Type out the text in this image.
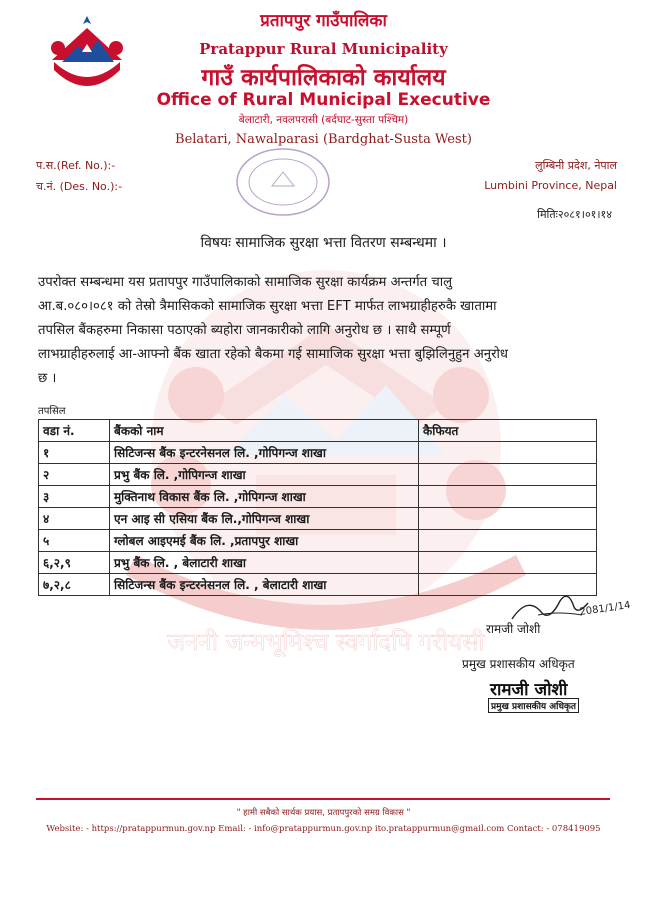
जननी जन्मभूमिश्च स्वर्गादपि गरीयसी
प्रतापपुर गाउँपालिका
Pratappur Rural Municipality
गाउँ कार्यपालिकाको कार्यालय
Office of Rural Municipal Executive
बेलाटारी, नवलपरासी (बर्दघाट-सुस्ता पश्चिम)
Belatari, Nawalparasi (Bardghat-Susta West)
प.स.(Ref. No.):-
च.नं. (Des. No.):-
लुम्बिनी प्रदेश, नेपाल
Lumbini Province, Nepal
मितिः२०८१।०१।१४
विषयः सामाजिक सुरक्षा भत्ता वितरण सम्बन्धमा ।
उपरोक्त सम्बन्धमा यस प्रतापपुर गाउँपालिकाको सामाजिक सुरक्षा कार्यक्रम अन्तर्गत चालु
आ.ब.०८०।०८१ को तेस्रो त्रैमासिकको सामाजिक सुरक्षा भत्ता EFT मार्फत लाभग्राहीहरुकै खातामा
तपसिल बैंकहरुमा निकासा पठाएको ब्यहोरा जानकारीको लागि अनुरोध छ । साथै सम्पूर्ण
लाभग्राहीहरुलाई आ-आफ्नो बैंक खाता रहेको बैकमा गई सामाजिक सुरक्षा भत्ता बुझिलिनुहुन अनुरोध
छ ।
तपसिल
वडा नं.	बैंकको नाम	कैफियत
१	सिटिजन्स बैंक इन्टरनेसनल लि. ,गोपिगन्ज शाखा	
२	प्रभु बैंक लि. ,गोपिगन्ज शाखा	
३	मुक्तिनाथ विकास बैंक लि. ,गोपिगन्ज शाखा	
४	एन आइ सी एसिया बैंक लि.,गोपिगन्ज शाखा	
५	ग्लोबल आइएमई बैंक लि. ,प्रतापपुर शाखा	
६,२,९	प्रभु बैंक लि. , बेलाटारी शाखा	
७,२,८	सिटिजन्स बैंक इन्टरनेसनल लि. , बेलाटारी शाखा	
2081/1/14
रामजी जोशी
प्रमुख प्रशासकीय अधिकृत
रामजी जोशी
प्रमुख प्रशासकीय अधिकृत
" हामी सबैको सार्थक प्रयास, प्रतापपुरको समग्र विकास "
Website: - https://pratappurmun.gov.np Email: - info@pratappurmun.gov.np ito.pratappurmun@gmail.com Contact: - 078419095
